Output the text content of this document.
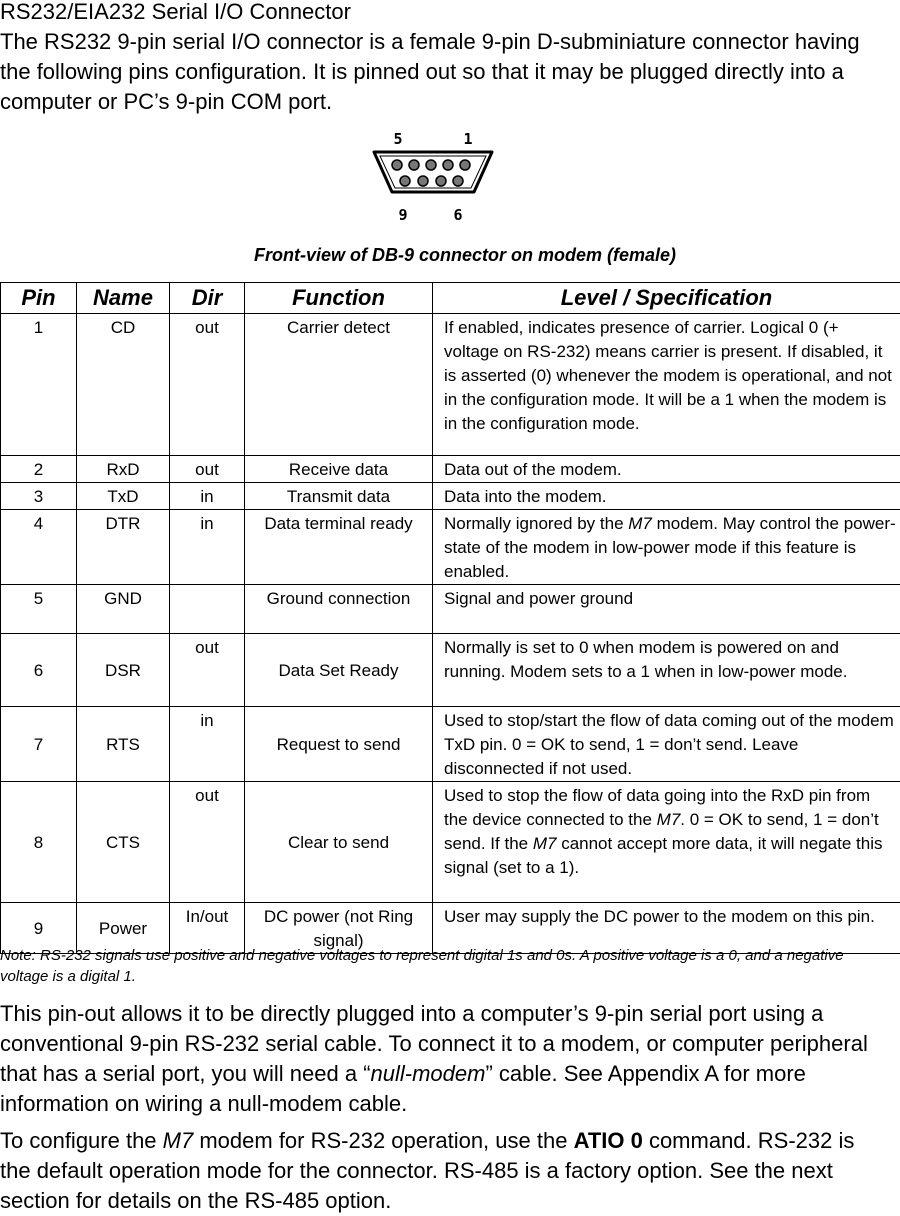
RS232/EIA232 Serial I/O Connector
The RS232 9-pin serial I/O connector is a female 9-pin D-subminiature connector having the following pins configuration. It is pinned out so that it may be plugged directly into a computer or PC’s 9-pin COM port.
5	1
9	6
Front-view of DB-9 connector on modem (female)
Pin	Name	Dir	Function	Level / Specification
1	CD	out	Carrier detect	If enabled, indicates presence of carrier. Logical 0 (+ voltage on RS-232) means carrier is present. If disabled, it is asserted (0) whenever the modem is operational, and not in the configuration mode. It will be a 1 when the modem is in the configuration mode.
2	RxD	out	Receive data	Data out of the modem.
3	TxD	in	Transmit data	Data into the modem.
4	DTR	in	Data terminal ready	Normally ignored by the M7 modem. May control the power-state of the modem in low-power mode if this feature is enabled.
5	GND		Ground connection	Signal and power ground
6	DSR	out	Data Set Ready	Normally is set to 0 when modem is powered on and running. Modem sets to a 1 when in low-power mode.
7	RTS	in	Request to send	Used to stop/start the flow of data coming out of the modem TxD pin. 0 = OK to send, 1 = don’t send. Leave disconnected if not used.
8	CTS	out	Clear to send	Used to stop the flow of data going into the RxD pin from the device connected to the M7. 0 = OK to send, 1 = don’t send. If the M7 cannot accept more data, it will negate this signal (set to a 1).
9	Power	In/out	DC power (not Ring signal)	User may supply the DC power to the modem on this pin.
Note: RS-232 signals use positive and negative voltages to represent digital 1s and 0s. A positive voltage is a 0, and a negative voltage is a digital 1.
This pin-out allows it to be directly plugged into a computer’s 9-pin serial port using a conventional 9-pin RS-232 serial cable. To connect it to a modem, or computer peripheral that has a serial port, you will need a “null-modem” cable. See Appendix A for more information on wiring a null-modem cable.
To configure the M7 modem for RS-232 operation, use the ATIO 0 command. RS-232 is the default operation mode for the connector. RS-485 is a factory option. See the next section for details on the RS-485 option.
